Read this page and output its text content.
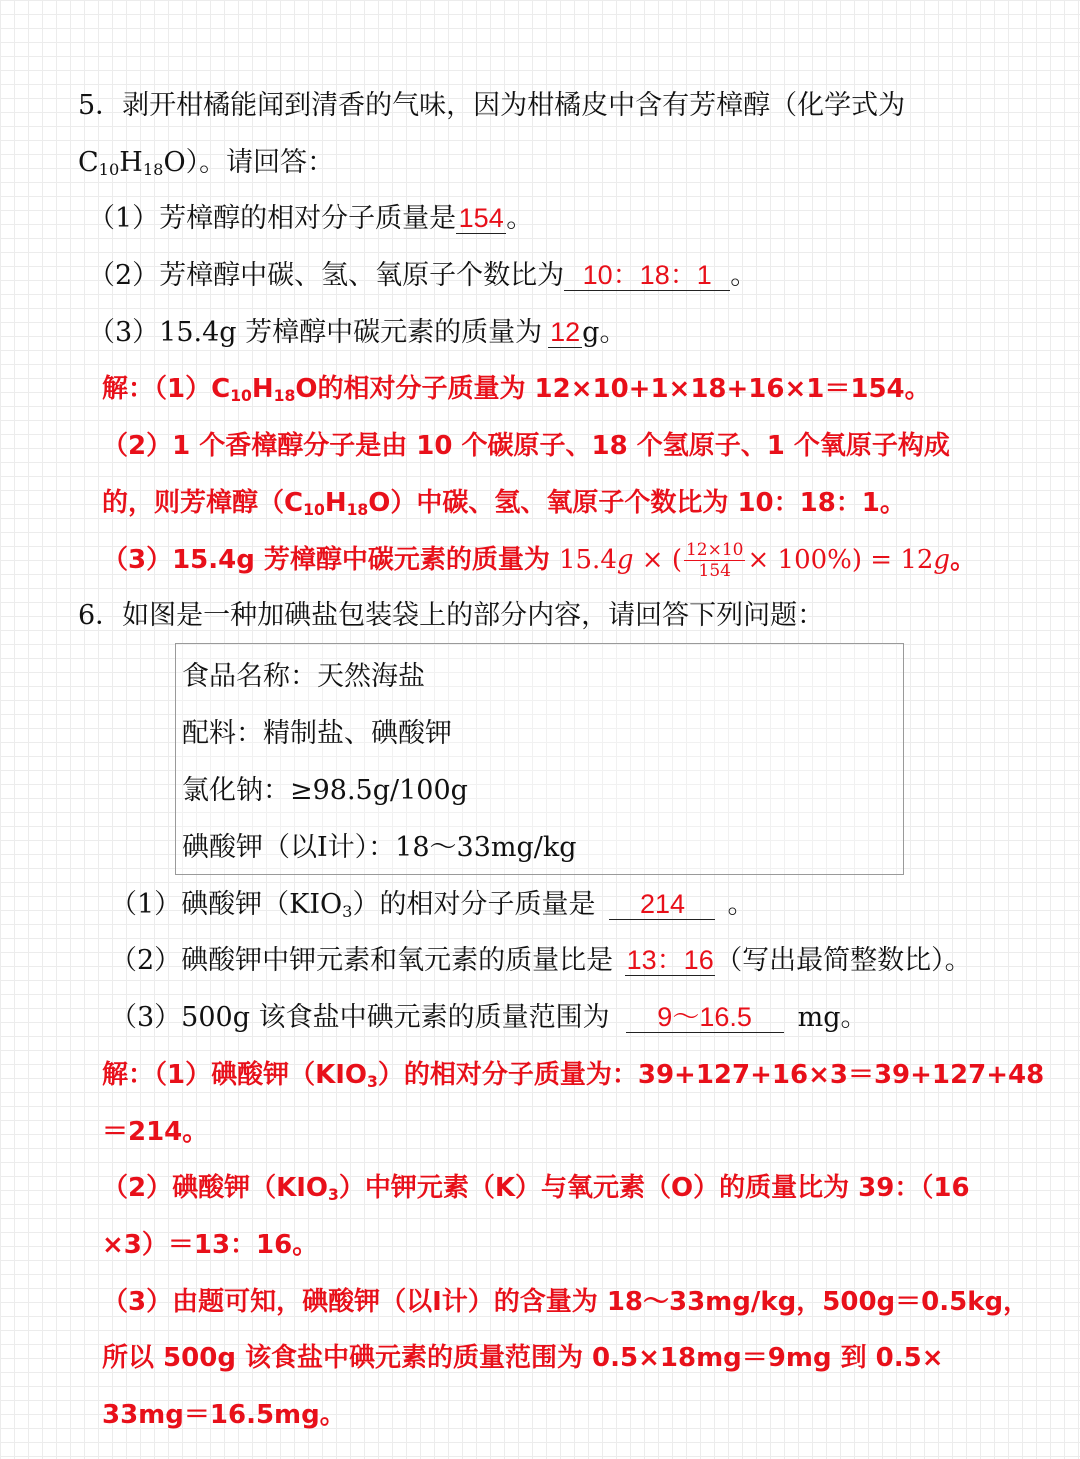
5．剥开柑橘能闻到清香的气味，因为柑橘皮中含有芳樟醇（化学式为
$C_{10}H_{18}O$）。请回答：
（1）芳樟醇的相对分子质量是154。
（2）芳樟醇中碳、氢、氧原子个数比为 10：18：1 。
（3）15.4g 芳樟醇中碳元素的质量为 12g。
解：$(1)C_{10}H_{18}O$的相对分子质量为 12×10+1×18+16×1＝154。
（2）1 个香樟醇分子是由 10 个碳原子、18 个氢原子、1 个氧原子构成
的，则芳樟醇$(C_{10}H_{18}O)$中碳、氢、氧原子个数比为 10：18：1。
（3）15.4g 芳樟醇中碳元素的质量为 15.4𝑔 × ( $\frac{12\times 10}{154} \times 100\%$) = 12𝑔。
6．如图是一种加碘盐包装袋上的部分内容，请回答下列问题：
食品名称：天然海盐
配料：精制盐、碘酸钾
氯化钠：≥98.5g/100g
碘酸钾（以Ⅰ计）：18～33mg/kg
（1）碘酸钾$(KIO_3)$的相对分子质量是 214 。
（2）碘酸钾中钾元素和氧元素的质量比是 13：16（写出最简整数比）。
（3）500g 该食盐中碘元素的质量范围为 9～16.5 mg。
解：（1）碘酸钾$(KIO_3)$的相对分子质量为：39+127+16×3＝39+127+48
＝214。
（2）碘酸钾$(KIO_3)$中钾元素（K）与氧元素（O）的质量比为 39：（16
×3）＝13：16。
（3）由题可知，碘酸钾（以Ⅰ计）的含量为 18～33mg/kg，500g＝0.5kg，
所以 500g 该食盐中碘元素的质量范围为 0.5×18mg＝9mg 到 0.5×
33mg＝16.5mg。
